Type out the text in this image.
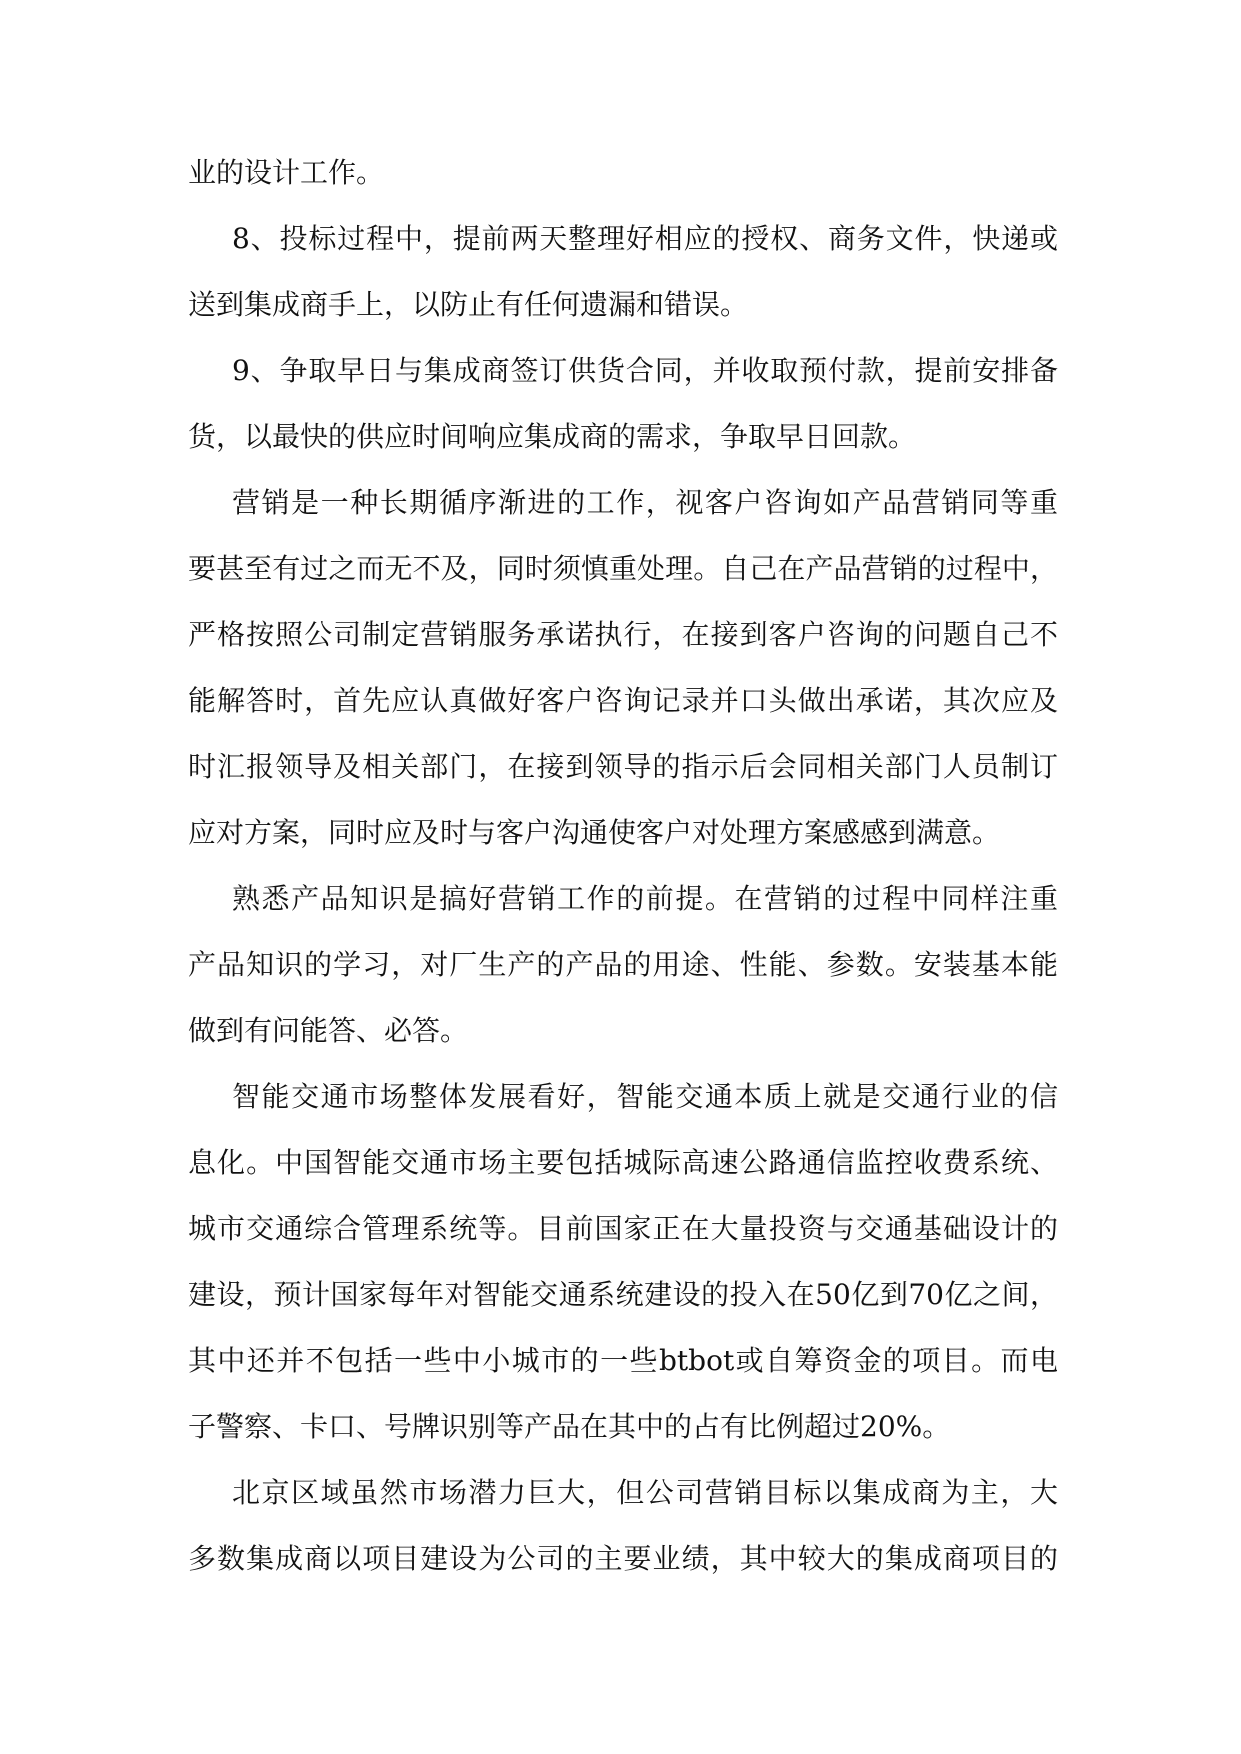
业的设计工作。
8、投标过程中，提前两天整理好相应的授权、商务文件，快递或
送到集成商手上，以防止有任何遗漏和错误。
9、争取早日与集成商签订供货合同，并收取预付款，提前安排备
货，以最快的供应时间响应集成商的需求，争取早日回款。
营销是一种长期循序渐进的工作，视客户咨询如产品营销同等重
要甚至有过之而无不及，同时须慎重处理。自己在产品营销的过程中，
严格按照公司制定营销服务承诺执行，在接到客户咨询的问题自己不
能解答时，首先应认真做好客户咨询记录并口头做出承诺，其次应及
时汇报领导及相关部门，在接到领导的指示后会同相关部门人员制订
应对方案，同时应及时与客户沟通使客户对处理方案感感到满意。
熟悉产品知识是搞好营销工作的前提。在营销的过程中同样注重
产品知识的学习，对厂生产的产品的用途、性能、参数。安装基本能
做到有问能答、必答。
智能交通市场整体发展看好，智能交通本质上就是交通行业的信
息化。中国智能交通市场主要包括城际高速公路通信监控收费系统、
城市交通综合管理系统等。目前国家正在大量投资与交通基础设计的
建设，预计国家每年对智能交通系统建设的投入在50亿到70亿之间，
其中还并不包括一些中小城市的一些btbot或自筹资金的项目。而电
子警察、卡口、号牌识别等产品在其中的占有比例超过20%。
北京区域虽然市场潜力巨大，但公司营销目标以集成商为主，大
多数集成商以项目建设为公司的主要业绩，其中较大的集成商项目的
